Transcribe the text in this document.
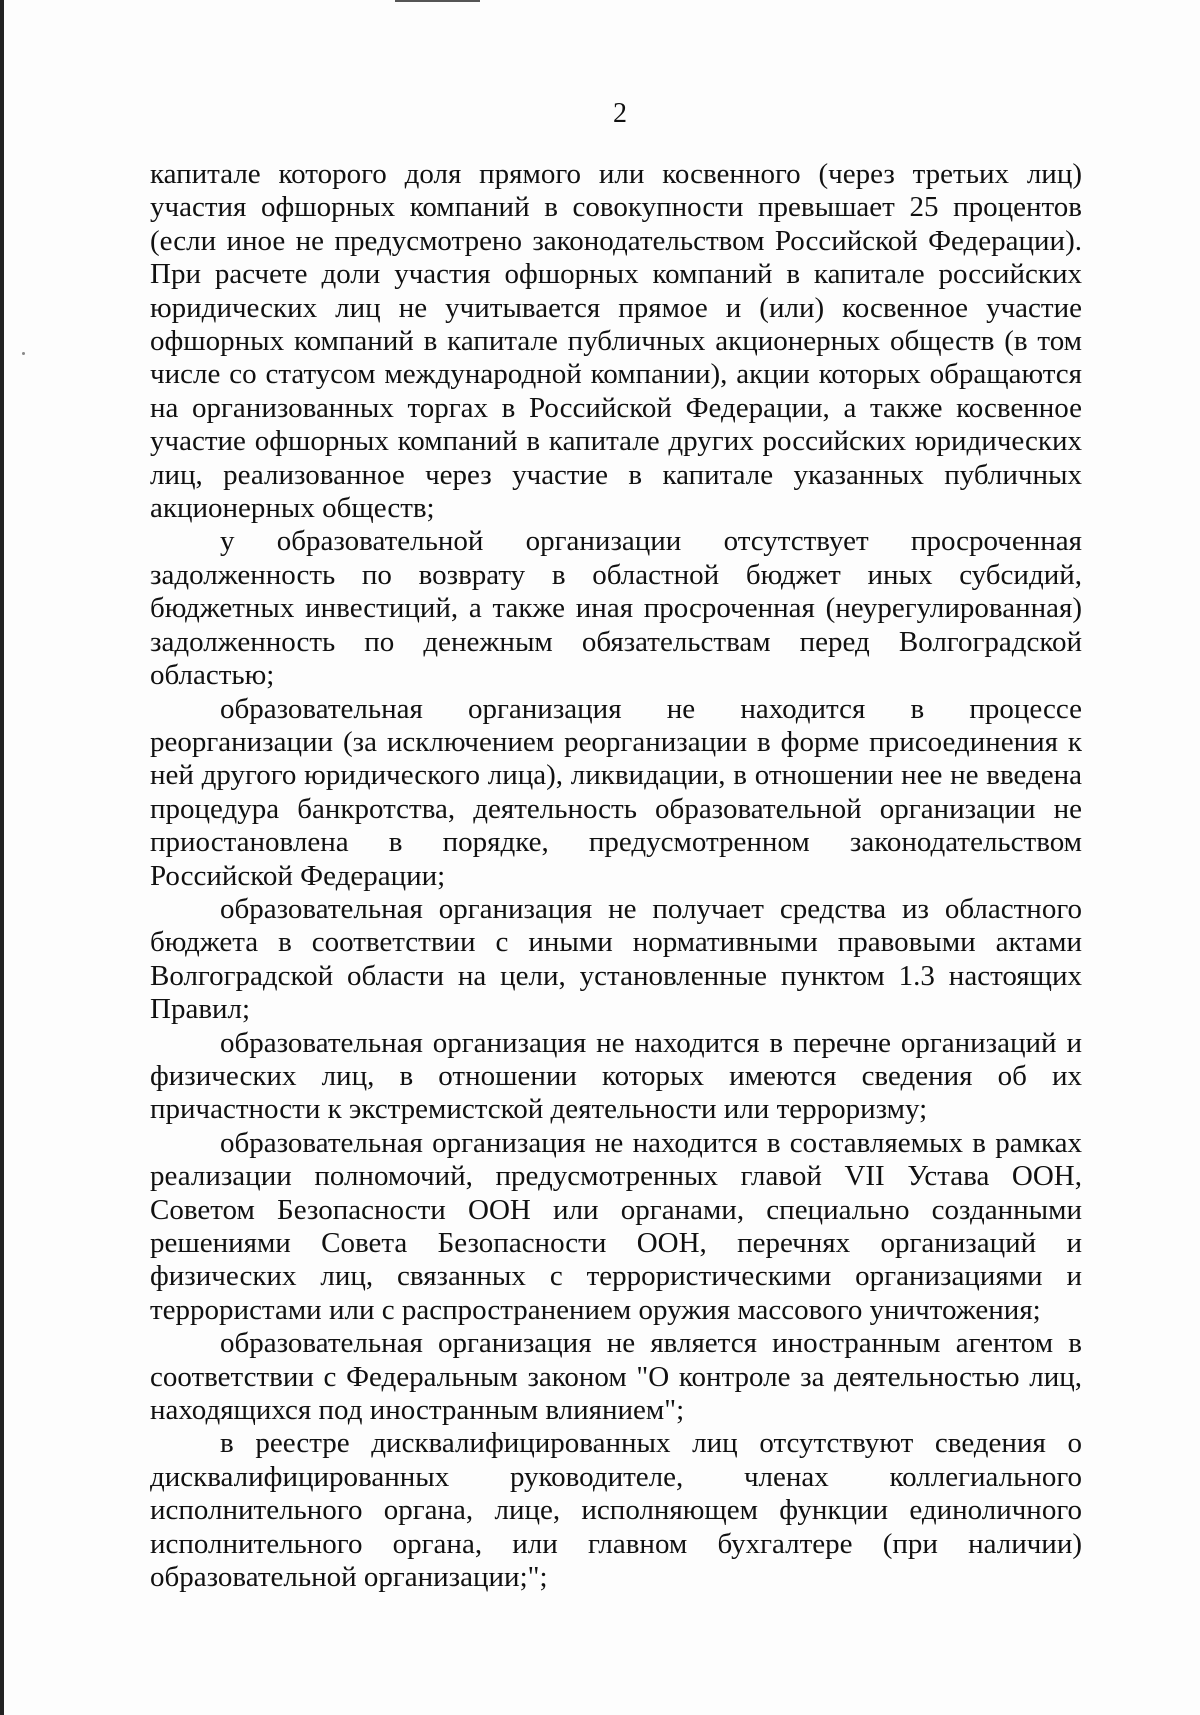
2

капитале которого доля прямого или косвенного (через третьих лиц) участия офшорных компаний в совокупности превышает 25 процентов (если иное не предусмотрено законодательством Российской Федерации). При расчете доли участия офшорных компаний в капитале российских юридических лиц не учитывается прямое и (или) косвенное участие офшорных компаний в капитале публичных акционерных обществ (в том числе со статусом международной компании), акции которых обращаются на организованных торгах в Российской Федерации, а также косвенное участие офшорных компаний в капитале других российских юридических лиц, реализованное через участие в капитале указанных публичных акционерных обществ;

у образовательной организации отсутствует просроченная задолженность по возврату в областной бюджет иных субсидий, бюджетных инвестиций, а также иная просроченная (неурегулированная) задолженность по денежным обязательствам перед Волгоградской областью;

образовательная организация не находится в процессе реорганизации (за исключением реорганизации в форме присоединения к ней другого юридического лица), ликвидации, в отношении нее не введена процедура банкротства, деятельность образовательной организации не приостановлена в порядке, предусмотренном законодательством Российской Федерации;

образовательная организация не получает средства из областного бюджета в соответствии с иными нормативными правовыми актами Волгоградской области на цели, установленные пунктом 1.3 настоящих Правил;

образовательная организация не находится в перечне организаций и физических лиц, в отношении которых имеются сведения об их причастности к экстремистской деятельности или терроризму;

образовательная организация не находится в составляемых в рамках реализации полномочий, предусмотренных главой VII Устава ООН, Советом Безопасности ООН или органами, специально созданными решениями Совета Безопасности ООН, перечнях организаций и физических лиц, связанных с террористическими организациями и террористами или с распространением оружия массового уничтожения;

образовательная организация не является иностранным агентом в соответствии с Федеральным законом "О контроле за деятельностью лиц, находящихся под иностранным влиянием";

в реестре дисквалифицированных лиц отсутствуют сведения о дисквалифицированных руководителе, членах коллегиального исполнительного органа, лице, исполняющем функции единоличного исполнительного органа, или главном бухгалтере (при наличии) образовательной организации;";
